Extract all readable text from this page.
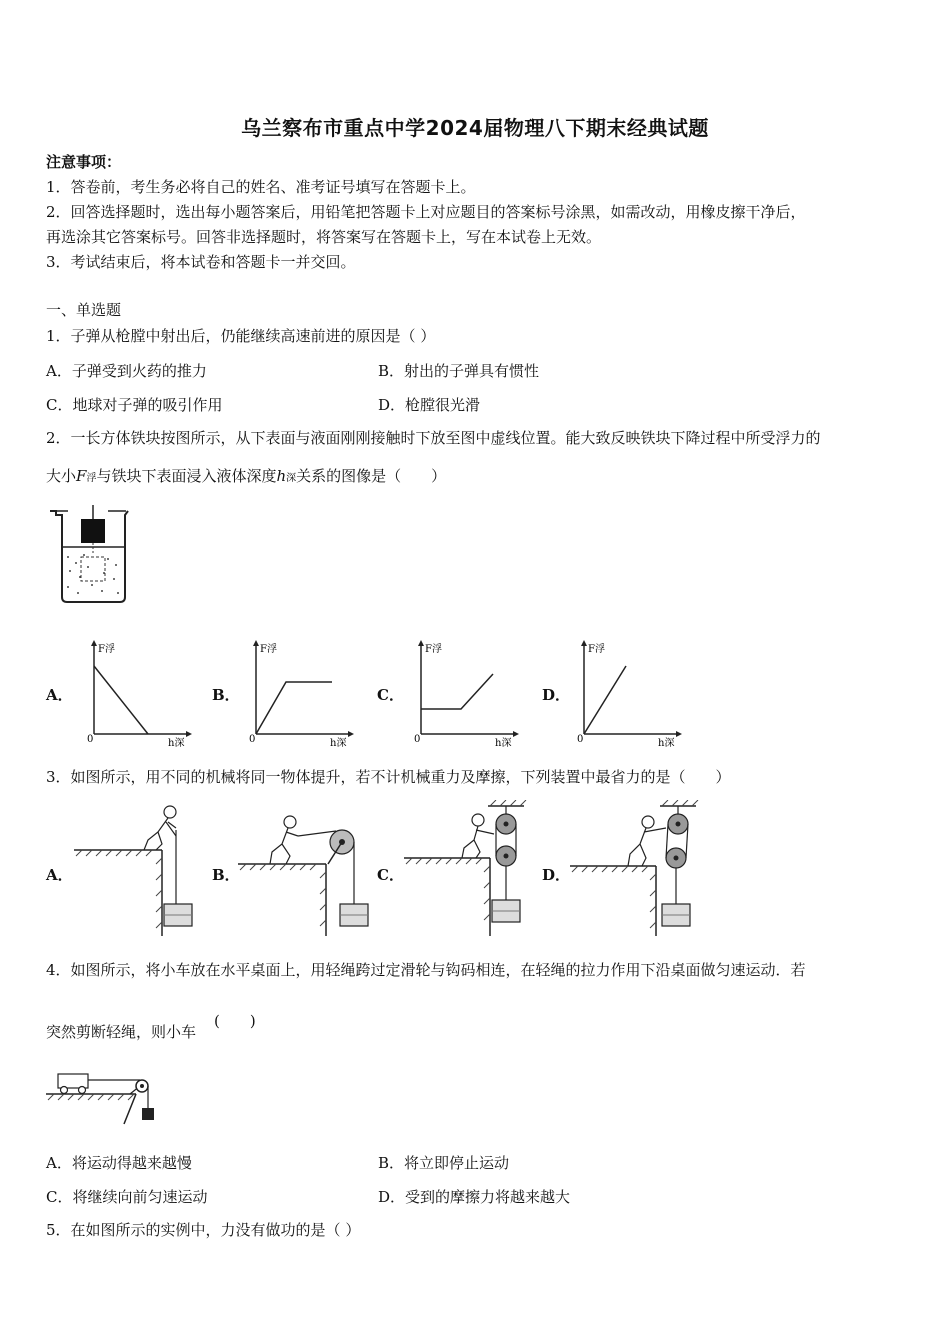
乌兰察布市重点中学2024届物理八下期末经典试题
注意事项：
1．答卷前，考生务必将自己的姓名、准考证号填写在答题卡上。
2．回答选择题时，选出每小题答案后，用铅笔把答题卡上对应题目的答案标号涂黑，如需改动，用橡皮擦干净后，
再选涂其它答案标号。回答非选择题时，将答案写在答题卡上，写在本试卷上无效。
3．考试结束后，将本试卷和答题卡一并交回。
一、单选题
1．子弹从枪膛中射出后，仍能继续高速前进的原因是（ ）
A．子弹受到火药的推力	B．射出的子弹具有惯性
C．地球对子弹的吸引作用	D．枪膛很光滑
2．一长方体铁块按图所示，从下表面与液面刚刚接触时下放至图中虚线位置。能大致反映铁块下降过程中所受浮力的
大小F浮与铁块下表面浸入液体深度h深关系的图像是（　　）
A．	B．	C．	D．
F浮
h深
0
F浮
h深
0
F浮
h深
0
F浮
h深
0
3．如图所示，用不同的机械将同一物体提升，若不计机械重力及摩擦，下列装置中最省力的是（　　）
A．	B．	C．	D．
4．如图所示，将小车放在水平桌面上，用轻绳跨过定滑轮与钩码相连，在轻绳的拉力作用下沿桌面做匀速运动．若
突然剪断轻绳，则小车
(　　)
A．将运动得越来越慢	B．将立即停止运动
C．将继续向前匀速运动	D．受到的摩擦力将越来越大
5．在如图所示的实例中，力没有做功的是（ ）
